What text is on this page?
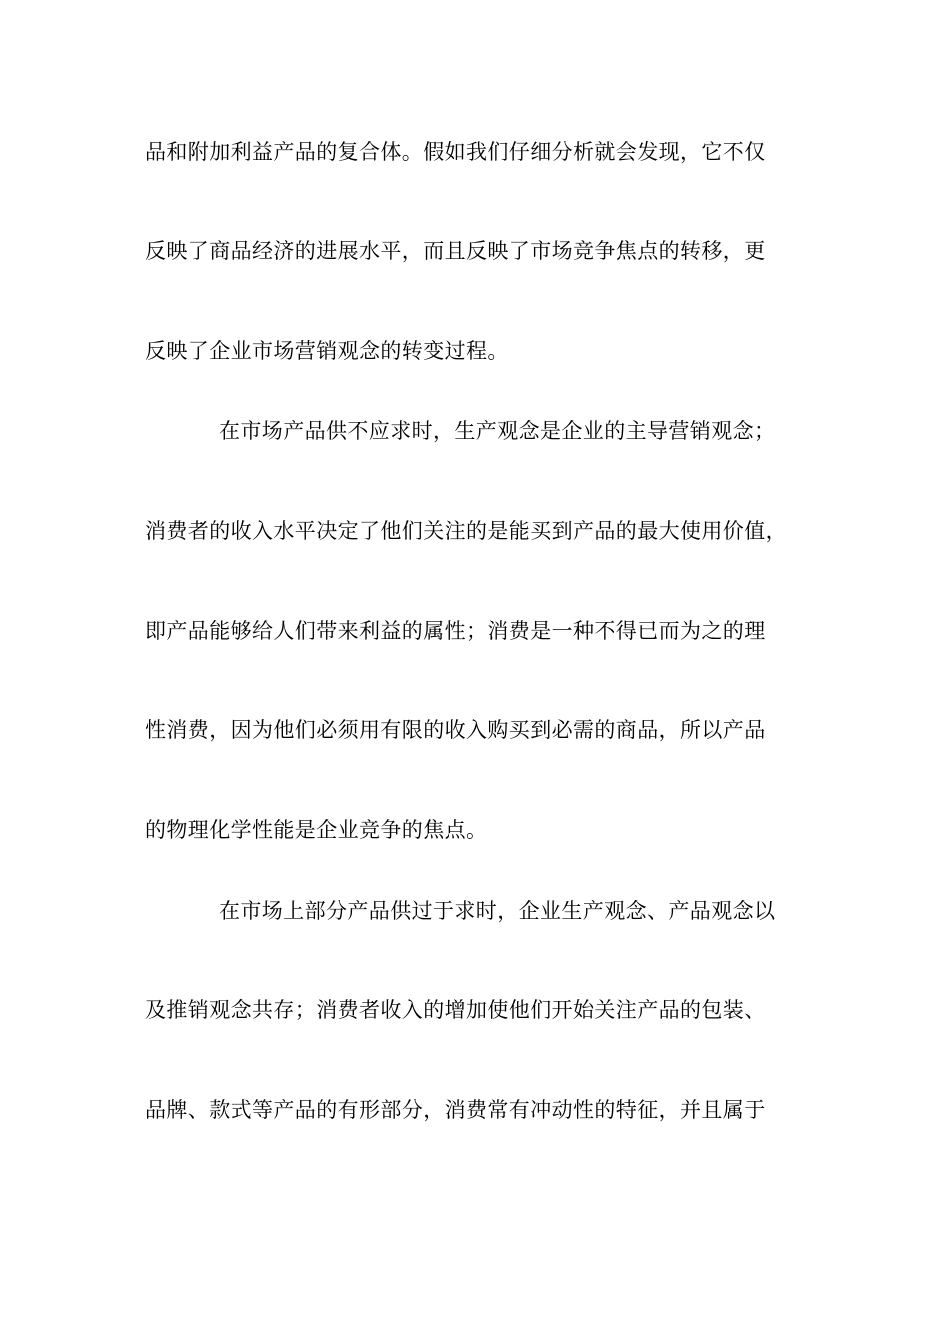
品和附加利益产品的复合体。假如我们仔细分析就会发现，它不仅
反映了商品经济的进展水平，而且反映了市场竞争焦点的转移，更
反映了企业市场营销观念的转变过程。
在市场产品供不应求时，生产观念是企业的主导营销观念；
消费者的收入水平决定了他们关注的是能买到产品的最大使用价值，
即产品能够给人们带来利益的属性；消费是一种不得已而为之的理
性消费，因为他们必须用有限的收入购买到必需的商品，所以产品
的物理化学性能是企业竞争的焦点。
在市场上部分产品供过于求时，企业生产观念、产品观念以
及推销观念共存；消费者收入的增加使他们开始关注产品的包装、
品牌、款式等产品的有形部分，消费常有冲动性的特征，并且属于
